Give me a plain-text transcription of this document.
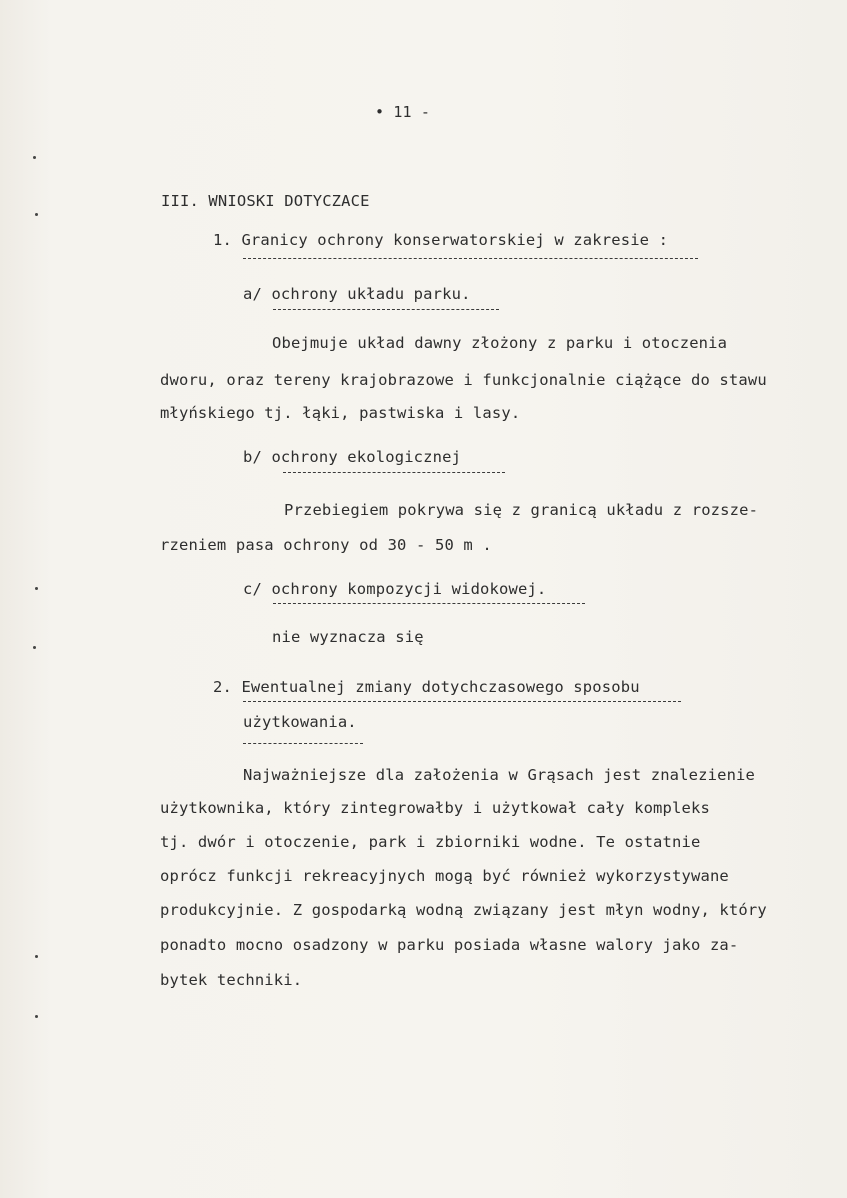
• 11 -
III. WNIOSKI DOTYCZACE
1. Granicy ochrony konserwatorskiej w zakresie :
a/ ochrony układu parku.
Obejmuje układ dawny złożony z parku i otoczenia
dworu, oraz tereny krajobrazowe i funkcjonalnie ciążące do stawu
młyńskiego tj. łąki, pastwiska i lasy.
b/ ochrony ekologicznej
Przebiegiem pokrywa się z granicą układu z rozsze-
rzeniem pasa ochrony od 30 - 50 m .
c/ ochrony kompozycji widokowej.
nie wyznacza się
2. Ewentualnej zmiany dotychczasowego sposobu
użytkowania.
Najważniejsze dla założenia w Grąsach jest znalezienie
użytkownika, który zintegrowałby i użytkował cały kompleks
tj. dwór i otoczenie, park i zbiorniki wodne. Te ostatnie
oprócz funkcji rekreacyjnych mogą być również wykorzystywane
produkcyjnie. Z gospodarką wodną związany jest młyn wodny, który
ponadto mocno osadzony w parku posiada własne walory jako za-
bytek techniki.
